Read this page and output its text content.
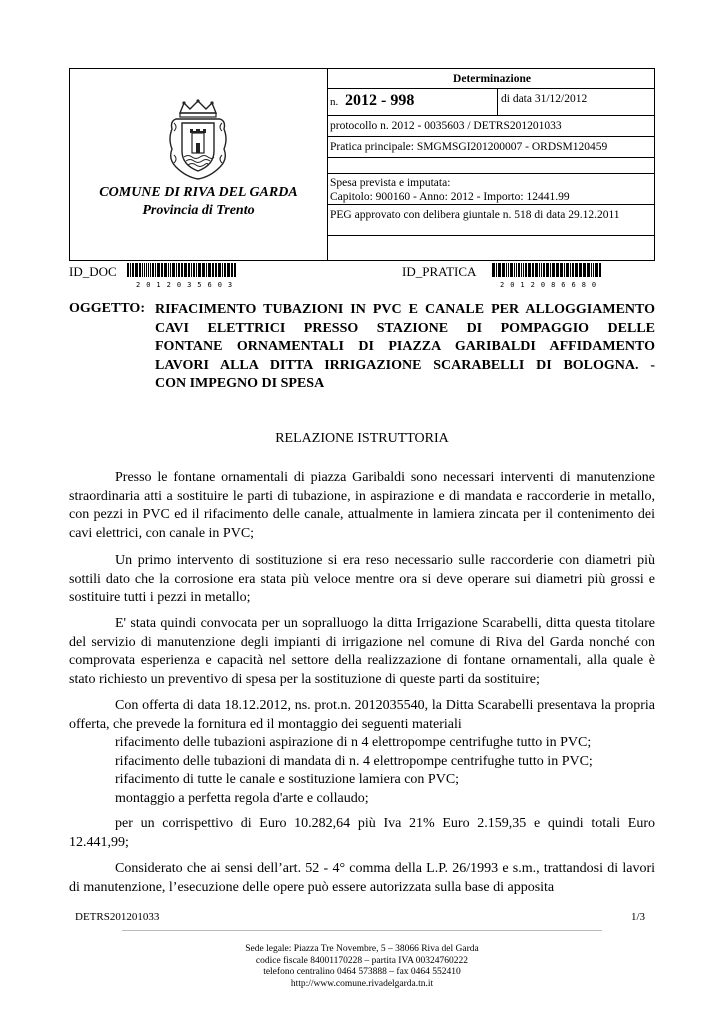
COMUNE DI RIVA DEL GARDA
Provincia di Trento
Determinazione
n. 2012 - 998	di data 31/12/2012
protocollo n. 2012 - 0035603 / DETRS201201033
Pratica principale: SMGMSGI201200007 - ORDSM120459
Spesa prevista e imputata:
Capitolo: 900160 - Anno: 2012 - Importo: 12441.99
PEG approvato con delibera giuntale n. 518 di data 29.12.2011
ID_DOC
2012035603
ID_PRATICA
2012086680
OGGETTO: RIFACIMENTO TUBAZIONI IN PVC E CANALE PER ALLOGGIAMENTO
CAVI ELETTRICI PRESSO STAZIONE DI POMPAGGIO DELLE
FONTANE ORNAMENTALI DI PIAZZA GARIBALDI AFFIDAMENTO
LAVORI ALLA DITTA IRRIGAZIONE SCARABELLI DI BOLOGNA. -
CON IMPEGNO DI SPESA
RELAZIONE ISTRUTTORIA

Presso le fontane ornamentali di piazza Garibaldi sono necessari interventi di manutenzione straordinaria atti a sostituire le parti di tubazione, in aspirazione e di mandata e raccorderie in metallo, con pezzi in PVC ed il rifacimento delle canale, attualmente in lamiera zincata per il contenimento dei cavi elettrici, con canale in PVC;

Un primo intervento di sostituzione si era reso necessario sulle raccorderie con diametri più sottili dato che la corrosione era stata più veloce mentre ora si deve operare sui diametri più grossi e sostituire tutti i pezzi in metallo;

E' stata quindi convocata per un sopralluogo la ditta Irrigazione Scarabelli, ditta questa titolare del servizio di manutenzione degli impianti di irrigazione nel comune di Riva del Garda nonché con comprovata esperienza e capacità nel settore della realizzazione di fontane ornamentali, alla quale è stato richiesto un preventivo di spesa per la sostituzione di queste parti da sostituire;

Con offerta di data 18.12.2012, ns. prot.n. 2012035540, la Ditta Scarabelli presentava la propria offerta, che prevede la fornitura ed il montaggio dei seguenti materiali

rifacimento delle tubazioni aspirazione di n 4 elettropompe centrifughe tutto in PVC;

rifacimento delle tubazioni di mandata di n. 4 elettropompe centrifughe tutto in PVC;

rifacimento di tutte le canale e sostituzione lamiera con PVC;

montaggio a perfetta regola d'arte e collaudo;

per un corrispettivo di Euro 10.282,64 più Iva 21% Euro 2.159,35 e quindi totali Euro 12.441,99;

Considerato che ai sensi dell’art. 52 - 4° comma della L.P. 26/1993 e s.m., trattandosi di lavori di manutenzione, l’esecuzione delle opere può essere autorizzata sulla base di apposita

DETRS201201033	1/3
Sede legale: Piazza Tre Novembre, 5 – 38066 Riva del Garda
codice fiscale 84001170228 – partita IVA 00324760222
telefono centralino 0464 573888 – fax 0464 552410
http://www.comune.rivadelgarda.tn.it
